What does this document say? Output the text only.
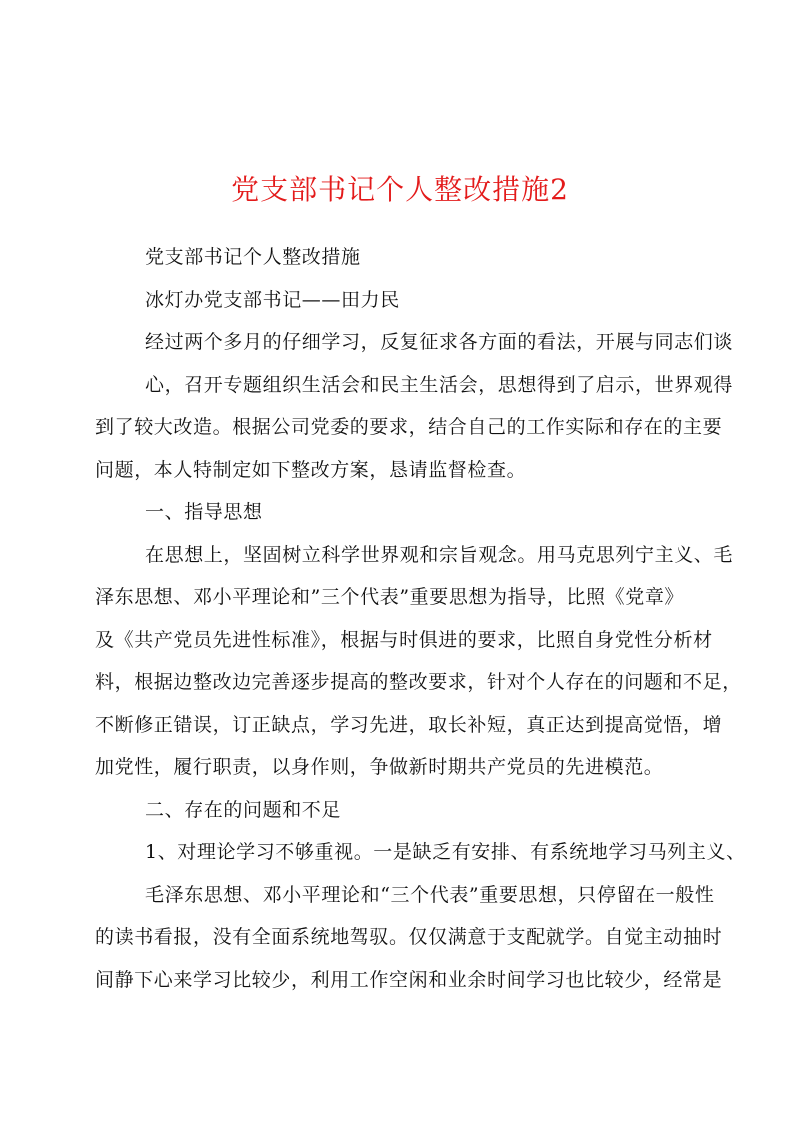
党支部书记个人整改措施2
党支部书记个人整改措施
冰灯办党支部书记——田力民
经过两个多月的仔细学习，反复征求各方面的看法，开展与同志们谈
心，召开专题组织生活会和民主生活会，思想得到了启示，世界观得
到了较大改造。根据公司党委的要求，结合自己的工作实际和存在的主要
问题，本人特制定如下整改方案，恳请监督检查。
一、指导思想
在思想上，坚固树立科学世界观和宗旨观念。用马克思列宁主义、毛
泽东思想、邓小平理论和”三个代表”重要思想为指导，比照《党章》
及《共产党员先进性标准》，根据与时俱进的要求，比照自身党性分析材
料，根据边整改边完善逐步提高的整改要求，针对个人存在的问题和不足，
不断修正错误，订正缺点，学习先进，取长补短，真正达到提高觉悟，增
加党性，履行职责，以身作则，争做新时期共产党员的先进模范。
二、存在的问题和不足
1、对理论学习不够重视。一是缺乏有安排、有系统地学习马列主义、
毛泽东思想、邓小平理论和“三个代表”重要思想，只停留在一般性
的读书看报，没有全面系统地驾驭。仅仅满意于支配就学。自觉主动抽时
间静下心来学习比较少，利用工作空闲和业余时间学习也比较少，经常是
